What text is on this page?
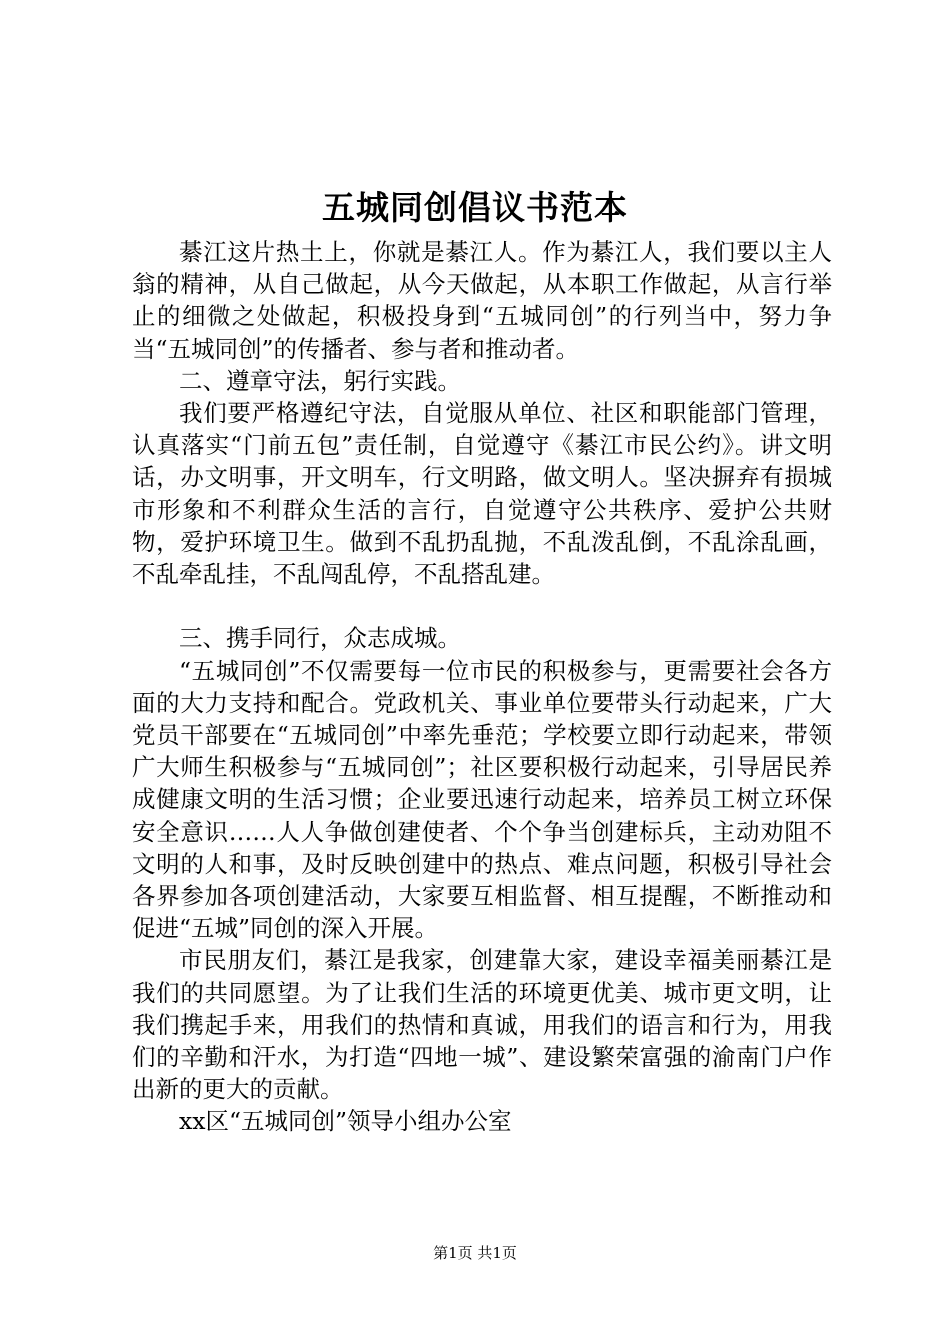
五城同创倡议书范本

綦江这片热土上，你就是綦江人。作为綦江人，我们要以主人翁的精神，从自己做起，从今天做起，从本职工作做起，从言行举止的细微之处做起，积极投身到“五城同创”的行列当中，努力争当“五城同创”的传播者、参与者和推动者。

二、遵章守法，躬行实践。

我们要严格遵纪守法，自觉服从单位、社区和职能部门管理，认真落实“门前五包”责任制，自觉遵守《綦江市民公约》。讲文明话，办文明事，开文明车，行文明路，做文明人。坚决摒弃有损城市形象和不利群众生活的言行，自觉遵守公共秩序、爱护公共财物，爱护环境卫生。做到不乱扔乱抛，不乱泼乱倒，不乱涂乱画，不乱牵乱挂，不乱闯乱停，不乱搭乱建。

三、携手同行，众志成城。

“五城同创”不仅需要每一位市民的积极参与，更需要社会各方面的大力支持和配合。党政机关、事业单位要带头行动起来，广大党员干部要在“五城同创”中率先垂范；学校要立即行动起来，带领广大师生积极参与“五城同创”；社区要积极行动起来，引导居民养成健康文明的生活习惯；企业要迅速行动起来，培养员工树立环保安全意识……人人争做创建使者、个个争当创建标兵，主动劝阻不文明的人和事，及时反映创建中的热点、难点问题，积极引导社会各界参加各项创建活动，大家要互相监督、相互提醒，不断推动和促进“五城”同创的深入开展。

市民朋友们，綦江是我家，创建靠大家，建设幸福美丽綦江是我们的共同愿望。为了让我们生活的环境更优美、城市更文明，让我们携起手来，用我们的热情和真诚，用我们的语言和行为，用我们的辛勤和汗水，为打造“四地一城”、建设繁荣富强的渝南门户作出新的更大的贡献。

xx区“五城同创”领导小组办公室

第1页 共1页
